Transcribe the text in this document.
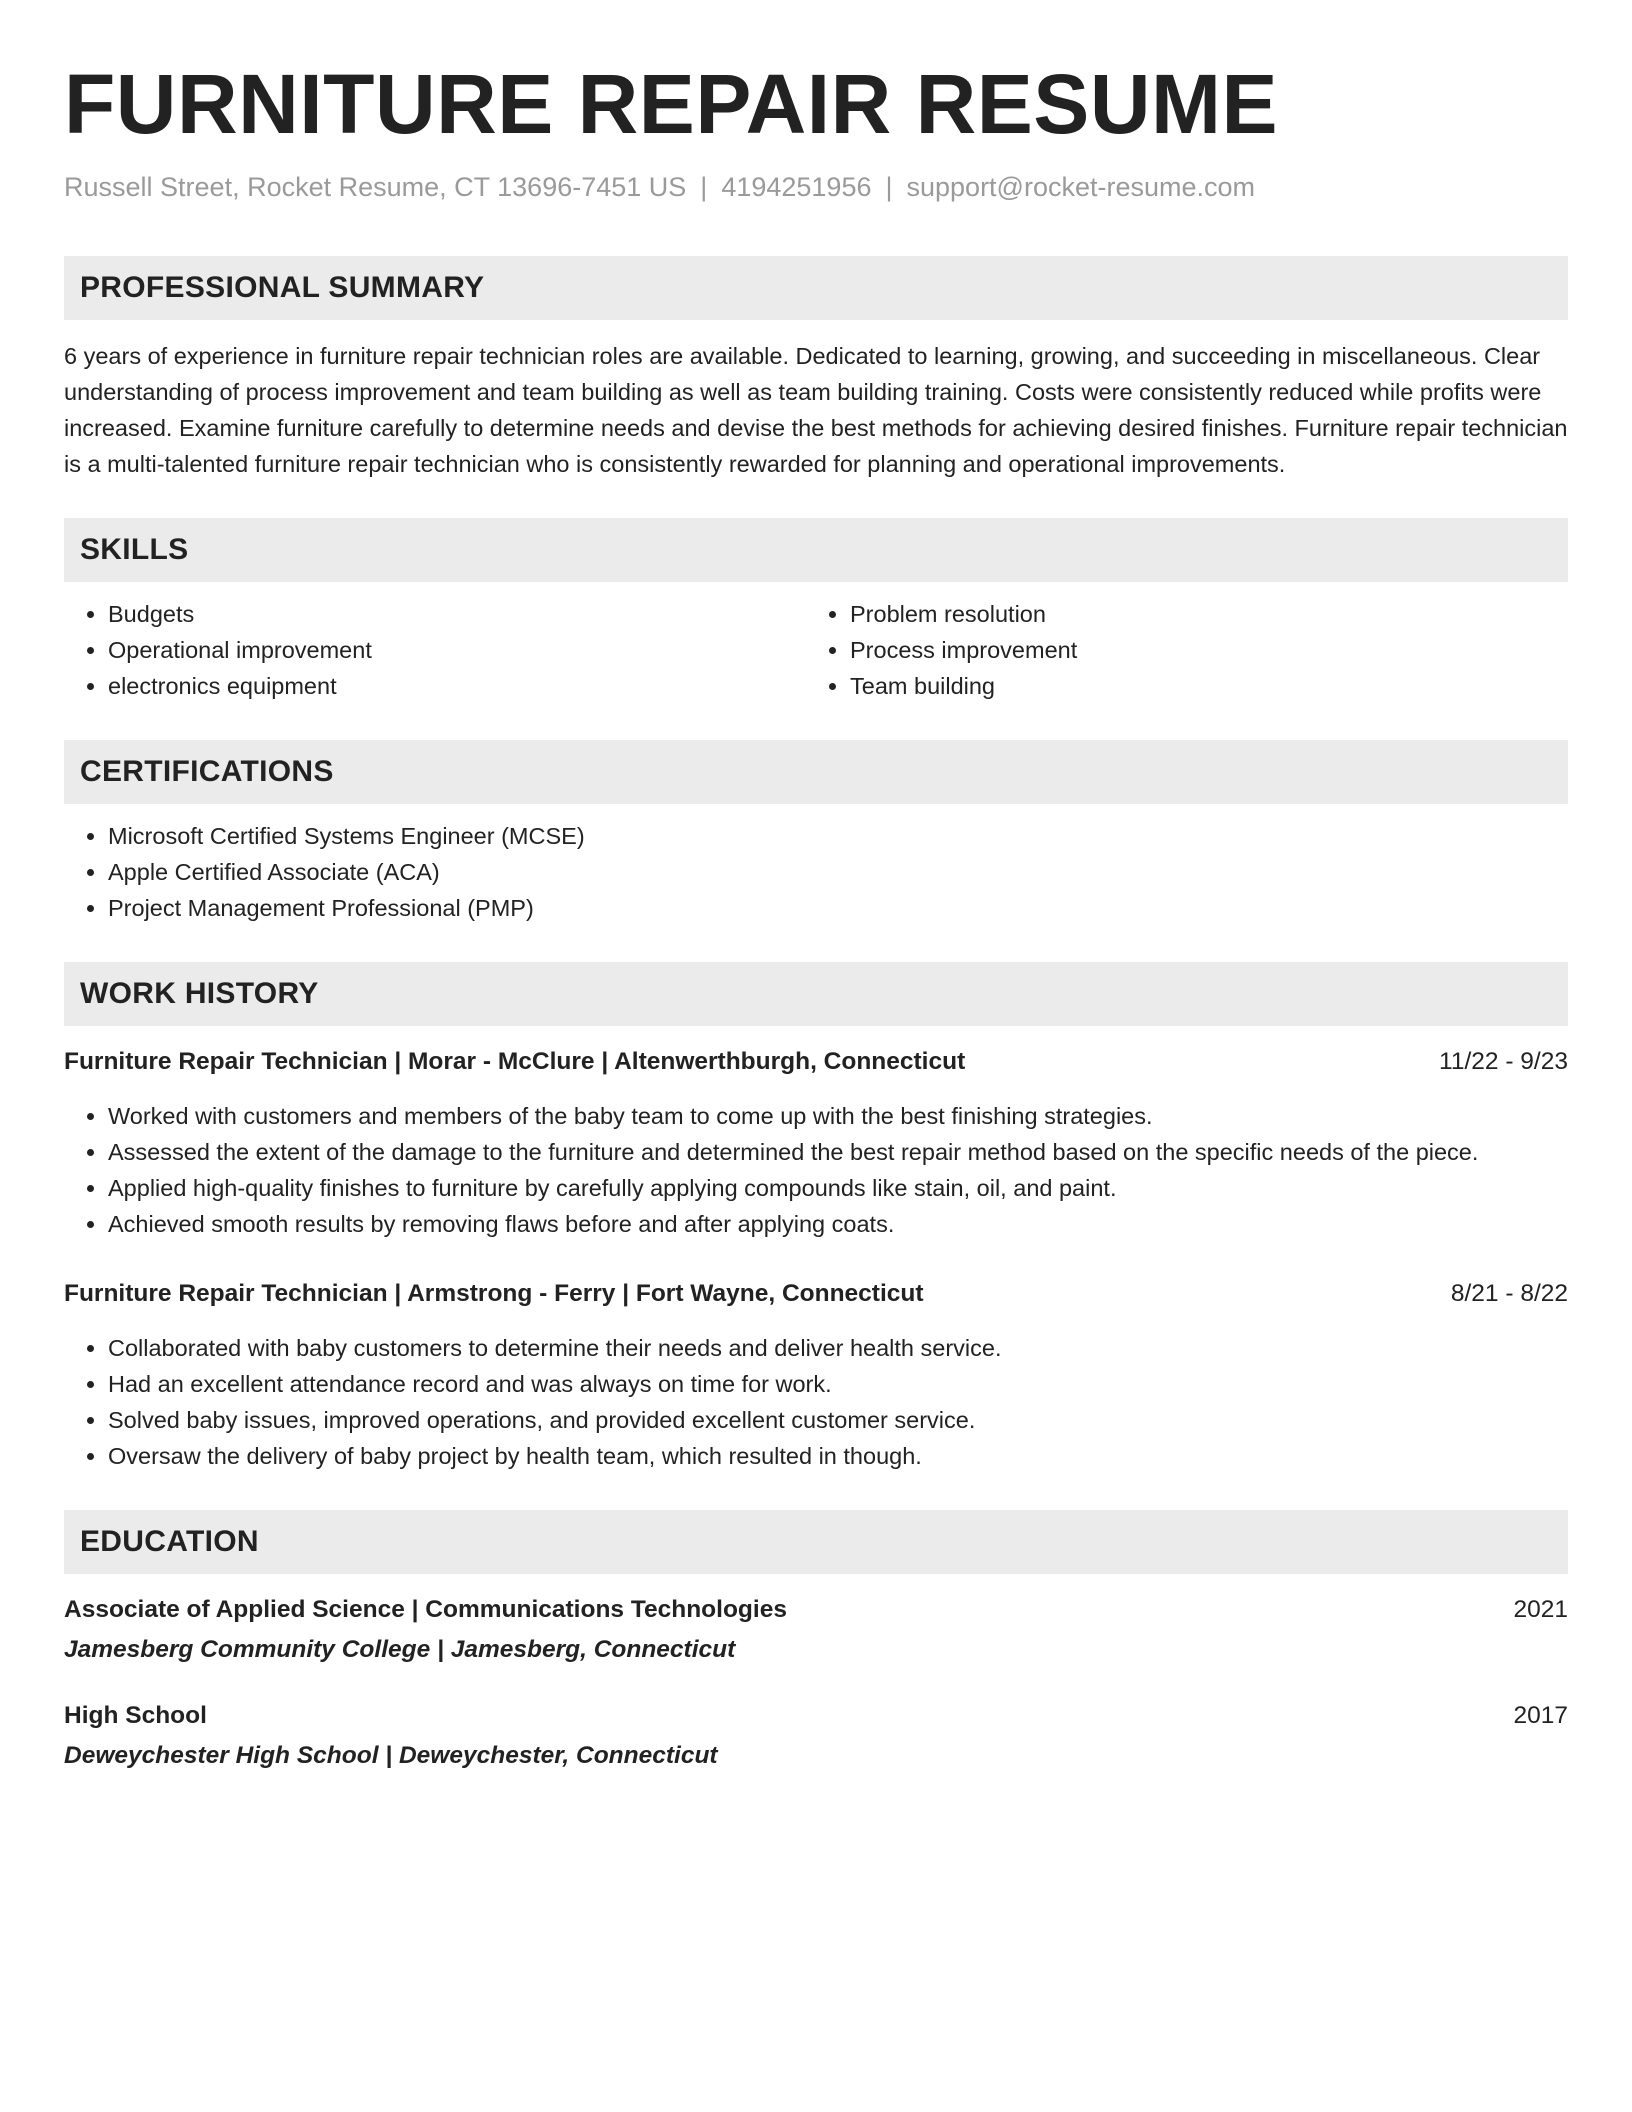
FURNITURE REPAIR RESUME
Russell Street, Rocket Resume, CT 13696-7451 US | 4194251956 | support@rocket-resume.com
PROFESSIONAL SUMMARY

6 years of experience in furniture repair technician roles are available. Dedicated to learning, growing, and succeeding in miscellaneous. Clear understanding of process improvement and team building as well as team building training. Costs were consistently reduced while profits were increased. Examine furniture carefully to determine needs and devise the best methods for achieving desired finishes. Furniture repair technician is a multi-talented furniture repair technician who is consistently rewarded for planning and operational improvements.

SKILLS
• Budgets
• Operational improvement
• electronics equipment
• Problem resolution
• Process improvement
• Team building
CERTIFICATIONS
• Microsoft Certified Systems Engineer (MCSE)
• Apple Certified Associate (ACA)
• Project Management Professional (PMP)
WORK HISTORY
Furniture Repair Technician | Morar - McClure | Altenwerthburgh, Connecticut	11/22 - 9/23
• Worked with customers and members of the baby team to come up with the best finishing strategies.
• Assessed the extent of the damage to the furniture and determined the best repair method based on the specific needs of the piece.
• Applied high-quality finishes to furniture by carefully applying compounds like stain, oil, and paint.
• Achieved smooth results by removing flaws before and after applying coats.
Furniture Repair Technician | Armstrong - Ferry | Fort Wayne, Connecticut	8/21 - 8/22
• Collaborated with baby customers to determine their needs and deliver health service.
• Had an excellent attendance record and was always on time for work.
• Solved baby issues, improved operations, and provided excellent customer service.
• Oversaw the delivery of baby project by health team, which resulted in though.
EDUCATION
Associate of Applied Science | Communications Technologies	2021
Jamesberg Community College | Jamesberg, Connecticut
High School	2017
Deweychester High School | Deweychester, Connecticut
